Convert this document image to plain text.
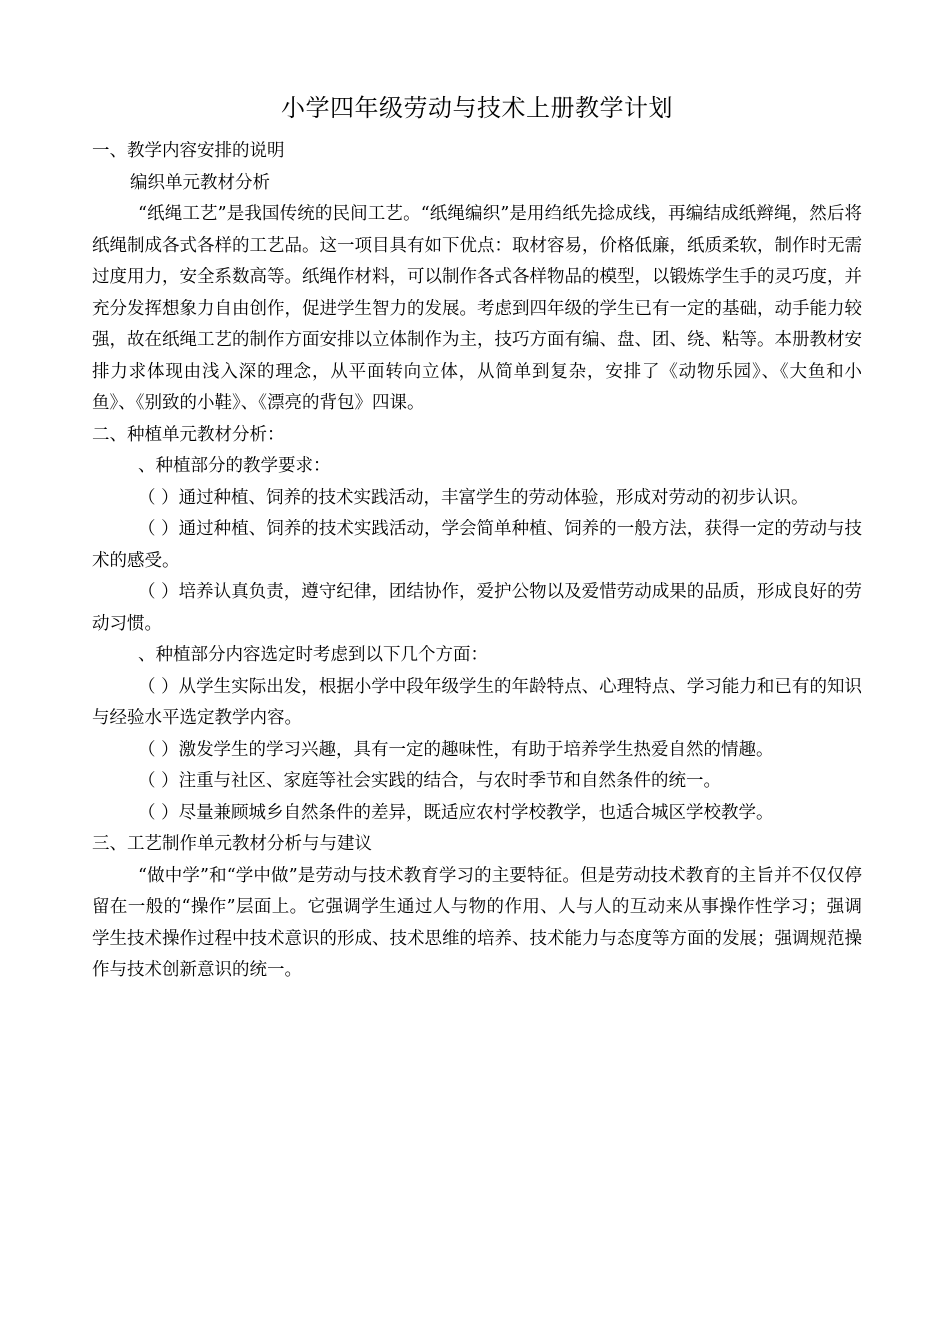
小学四年级劳动与技术上册教学计划

一、教学内容安排的说明

编织单元教材分析

“纸绳工艺”是我国传统的民间工艺。“纸绳编织”是用绉纸先捻成线，再编结成纸辫绳，然后将纸绳制成各式各样的工艺品。这一项目具有如下优点：取材容易，价格低廉，纸质柔软，制作时无需过度用力，安全系数高等。纸绳作材料，可以制作各式各样物品的模型，以锻炼学生手的灵巧度，并充分发挥想象力自由创作，促进学生智力的发展。考虑到四年级的学生已有一定的基础，动手能力较强，故在纸绳工艺的制作方面安排以立体制作为主，技巧方面有编、盘、团、绕、粘等。本册教材安排力求体现由浅入深的理念，从平面转向立体，从简单到复杂，安排了《动物乐园》、《大鱼和小鱼》、《别致的小鞋》、《漂亮的背包》四课。

二、种植单元教材分析：

、种植部分的教学要求：

（ ）通过种植、饲养的技术实践活动，丰富学生的劳动体验，形成对劳动的初步认识。

（ ）通过种植、饲养的技术实践活动，学会简单种植、饲养的一般方法，获得一定的劳动与技术的感受。

（ ）培养认真负责，遵守纪律，团结协作，爱护公物以及爱惜劳动成果的品质，形成良好的劳动习惯。

、种植部分内容选定时考虑到以下几个方面：

（ ）从学生实际出发，根据小学中段年级学生的年龄特点、心理特点、学习能力和已有的知识与经验水平选定教学内容。

（ ）激发学生的学习兴趣，具有一定的趣味性，有助于培养学生热爱自然的情趣。

（ ）注重与社区、家庭等社会实践的结合，与农时季节和自然条件的统一。

（ ）尽量兼顾城乡自然条件的差异，既适应农村学校教学，也适合城区学校教学。

三、工艺制作单元教材分析与与建议

“做中学”和“学中做”是劳动与技术教育学习的主要特征。但是劳动技术教育的主旨并不仅仅停留在一般的“操作”层面上。它强调学生通过人与物的作用、人与人的互动来从事操作性学习；强调学生技术操作过程中技术意识的形成、技术思维的培养、技术能力与态度等方面的发展；强调规范操作与技术创新意识的统一。
